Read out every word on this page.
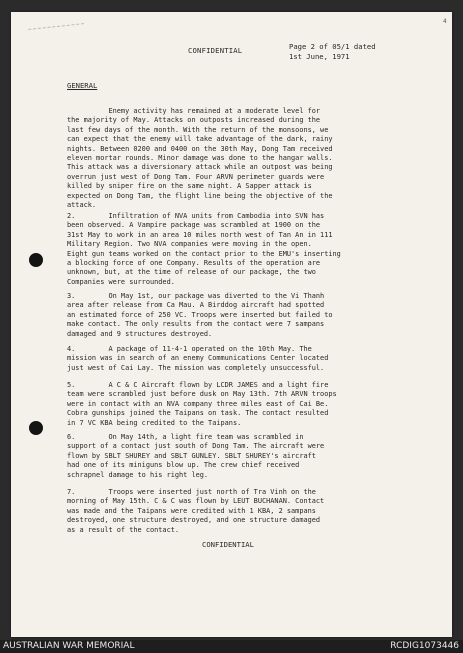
4
CONFIDENTIAL	Page 2 of 05/1 dated
1st June, 1971
GENERAL

Enemy activity has remained at a moderate level for
the majority of May. Attacks on outposts increased during the
last few days of the month. With the return of the monsoons, we
can expect that the enemy will take advantage of the dark, rainy
nights. Between 0200 and 0400 on the 30th May, Dong Tam received
eleven mortar rounds. Minor damage was done to the hangar walls.
This attack was a diversionary attack while an outpost was being
overrun just west of Dong Tam. Four ARVN perimeter guards were
killed by sniper fire on the same night. A Sapper attack is
expected on Dong Tam, the flight line being the objective of the
attack.

2.        Infiltration of NVA units from Cambodia into SVN has
been observed. A Vampire package was scrambled at 1900 on the
31st May to work in an area 10 miles north west of Tan An in 111
Military Region. Two NVA companies were moving in the open.
Eight gun teams worked on the contact prior to the EMU's inserting
a blocking force of one Company. Results of the operation are
unknown, but, at the time of release of our package, the two
Companies were surrounded.

3.        On May 1st, our package was diverted to the Vi Thanh
area after release from Ca Mau. A Birddog aircraft had spotted
an estimated force of 250 VC. Troops were inserted but failed to
make contact. The only results from the contact were 7 sampans
damaged and 9 structures destroyed.

4.        A package of 11-4-1 operated on the 10th May. The
mission was in search of an enemy Communications Center located
just west of Cai Lay. The mission was completely unsuccessful.

5.        A C & C Aircraft flown by LCDR JAMES and a light fire
team were scrambled just before dusk on May 13th. 7th ARVN troops
were in contact with an NVA company three miles east of Cai Be.
Cobra gunships joined the Taipans on task. The contact resulted
in 7 VC KBA being credited to the Taipans.

6.        On May 14th, a light fire team was scrambled in
support of a contact just south of Dong Tam. The aircraft were
flown by SBLT SHUREY and SBLT GUNLEY. SBLT SHUREY's aircraft
had one of its miniguns blow up. The crew chief received
schrapnel damage to his right leg.

7.        Troops were inserted just north of Tra Vinh on the
morning of May 15th. C & C was flown by LEUT BUCHANAN. Contact
was made and the Taipans were credited with 1 KBA, 2 sampans
destroyed, one structure destroyed, and one structure damaged
as a result of the contact.

CONFIDENTIAL
AUSTRALIAN WAR MEMORIAL	RCDIG1073446
